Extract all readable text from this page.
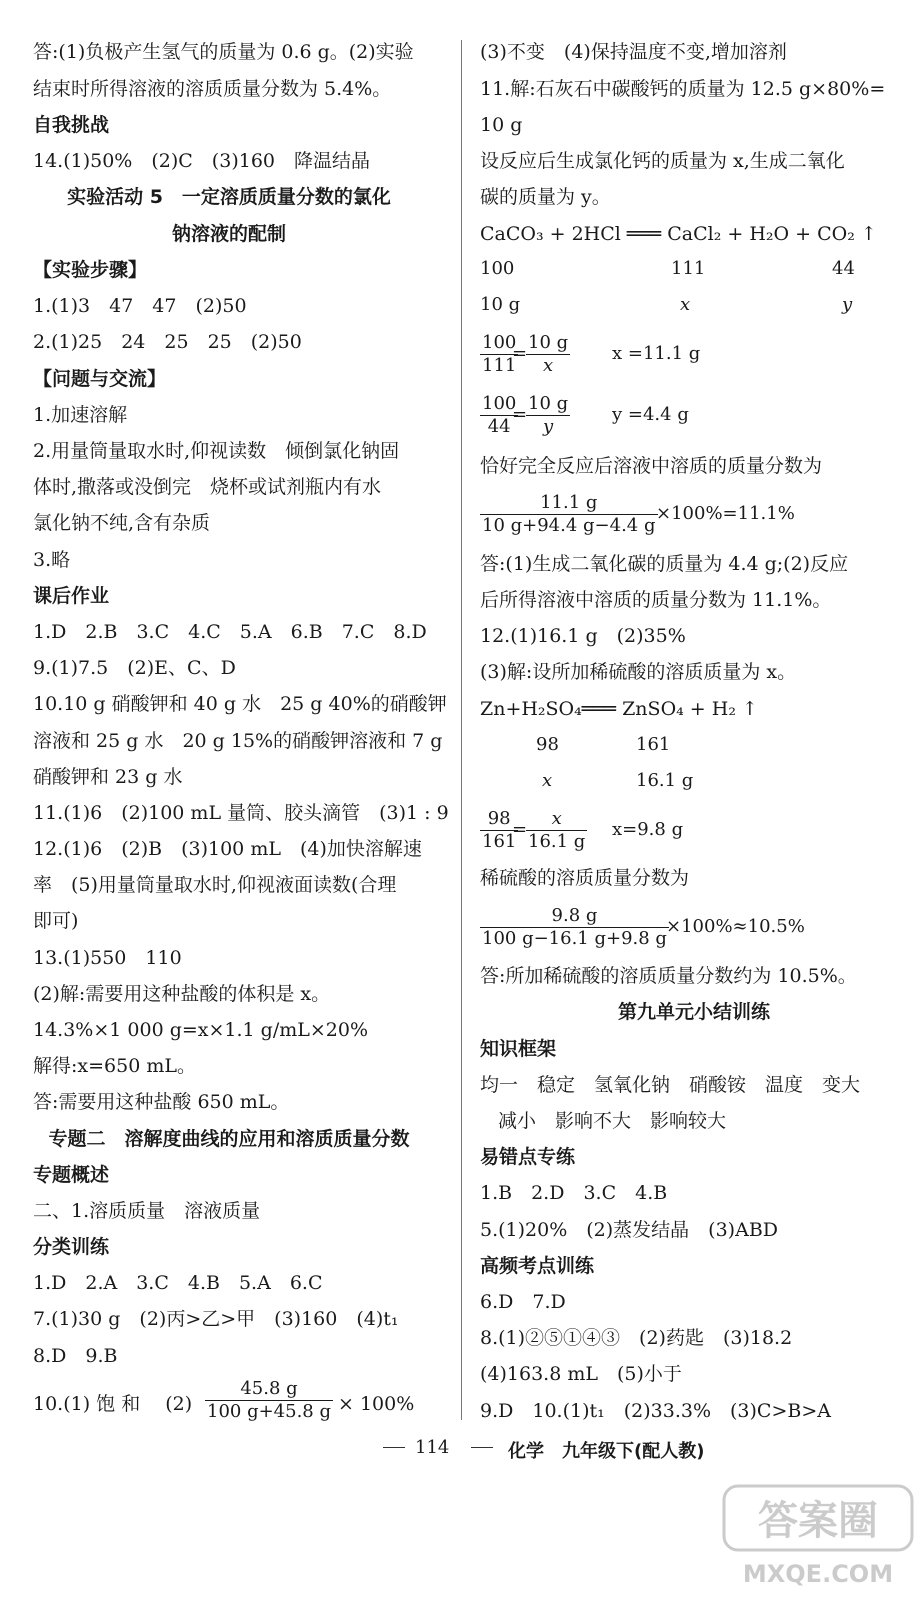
答:(1)负极产生氢气的质量为 0.6 g。(2)实验
结束时所得溶液的溶质质量分数为 5.4%。
自我挑战
14.(1)50%　(2)C　(3)160　降温结晶
实验活动 5　一定溶质质量分数的氯化
钠溶液的配制
【实验步骤】
1.(1)3　47　47　(2)50
2.(1)25　24　25　25　(2)50
【问题与交流】
1.加速溶解
2.用量筒量取水时,仰视读数　倾倒氯化钠固
体时,撒落或没倒完　烧杯或试剂瓶内有水
氯化钠不纯,含有杂质
3.略
课后作业
1.D　2.B　3.C　4.C　5.A　6.B　7.C　8.D
9.(1)7.5　(2)E、C、D
10.10 g 硝酸钾和 40 g 水　25 g 40%的硝酸钾
溶液和 25 g 水　20 g 15%的硝酸钾溶液和 7 g
硝酸钾和 23 g 水
11.(1)6　(2)100 mL 量筒、胶头滴管　(3)1 : 9
12.(1)6　(2)B　(3)100 mL　(4)加快溶解速
率　(5)用量筒量取水时,仰视液面读数(合理
即可)
13.(1)550　110
(2)解:需要用这种盐酸的体积是 x。
14.3%×1 000 g=x×1.1 g/mL×20%
解得:x=650 mL。
答:需要用这种盐酸 650 mL。
专题二　溶解度曲线的应用和溶质质量分数
专题概述
二、1.溶质质量　溶液质量
分类训练
1.D　2.A　3.C　4.B　5.A　6.C
7.(1)30 g　(2)丙>乙>甲　(3)160　(4)t₁
8.D　9.B
10.(1) 饱 和　 $(2) \frac{45.8 g}{100 g+45.8 g} \times 100\%$
(3)不变　(4)保持温度不变,增加溶剂
11.解:石灰石中碳酸钙的质量为 12.5 g×80%=
10 g
设反应后生成氯化钙的质量为 x,生成二氧化
碳的质量为 y。
CaCO₃ + 2HCl ═══ CaCl₂ + H₂O + CO₂ ↑
100	111	44
10 g	x	y
$\frac{100}{111}$
=
$\frac{10 g}{x}$ x =11.1 g
$\frac{100}{44}$
=
$\frac{10 g}{y}$ y =4.4 g
恰好完全反应后溶液中溶质的质量分数为
$\frac{11.1 g}{10 g+94.4 g-4.4 g}$
×100%=11.1%
答:(1)生成二氧化碳的质量为 4.4 g;(2)反应
后所得溶液中溶质的质量分数为 11.1%。
12.(1)16.1 g　(2)35%
(3)解:设所加稀硫酸的溶质质量为 x。
Zn+H₂SO₄═══ ZnSO₄ + H₂ ↑
98	161
x	16.1 g
$\frac{98}{161}$
=
$\frac{x}{16.1 g} x=9.8$ g
稀硫酸的溶质质量分数为
$\frac{9.8 g}{100 g-16.1 g+9.8 g}$
×100%≈10.5%
答:所加稀硫酸的溶质质量分数约为 10.5%。
第九单元小结训练
知识框架
均一　稳定　氢氧化钠　硝酸铵　温度　变大
减小　影响不大　影响较大
易错点专练
1.B　2.D　3.C　4.B
5.(1)20%　(2)蒸发结晶　(3)ABD
高频考点训练
6.D　7.D
8.(1)②⑤①④③　(2)药匙　(3)18.2
(4)163.8 mL　(5)小于
9.D　10.(1)t₁　(2)33.3%　(3)C>B>A
114	化学　九年级下(配人教)
答案圈
MXQE.COM
